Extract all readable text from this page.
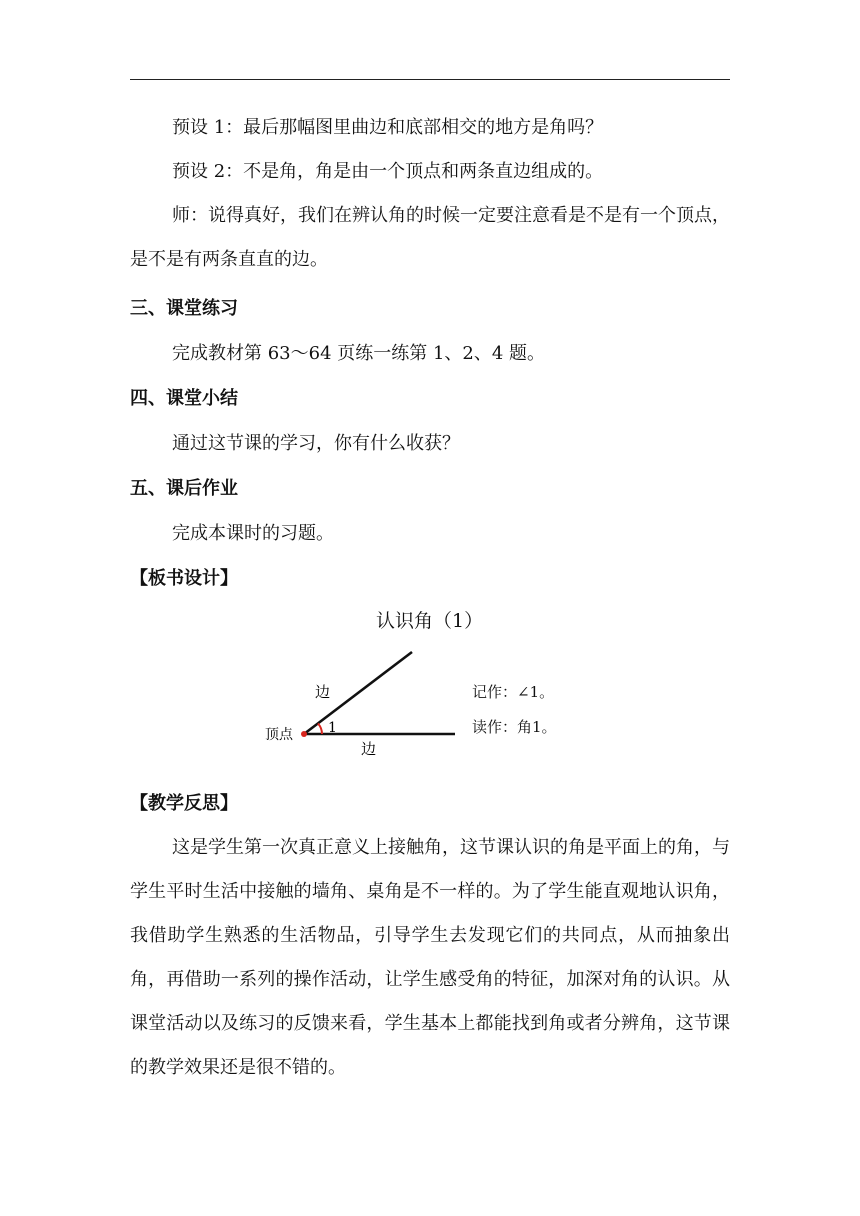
预设 1：最后那幅图里曲边和底部相交的地方是角吗？
预设 2：不是角，角是由一个顶点和两条直边组成的。
师：说得真好，我们在辨认角的时候一定要注意看是不是有一个顶点，是不是有两条直直的边。
三、课堂练习
完成教材第 63～64 页练一练第 1、2、4 题。
四、课堂小结
通过这节课的学习，你有什么收获？
五、课后作业
完成本课时的习题。
【板书设计】
认识角（1）
边
边
顶点	1
记作：∠1。
读作：角1。
【教学反思】
这是学生第一次真正意义上接触角，这节课认识的角是平面上的角，与学生平时生活中接触的墙角、桌角是不一样的。为了学生能直观地认识角，我借助学生熟悉的生活物品，引导学生去发现它们的共同点，从而抽象出角，再借助一系列的操作活动，让学生感受角的特征，加深对角的认识。从课堂活动以及练习的反馈来看，学生基本上都能找到角或者分辨角，这节课的教学效果还是很不错的。
